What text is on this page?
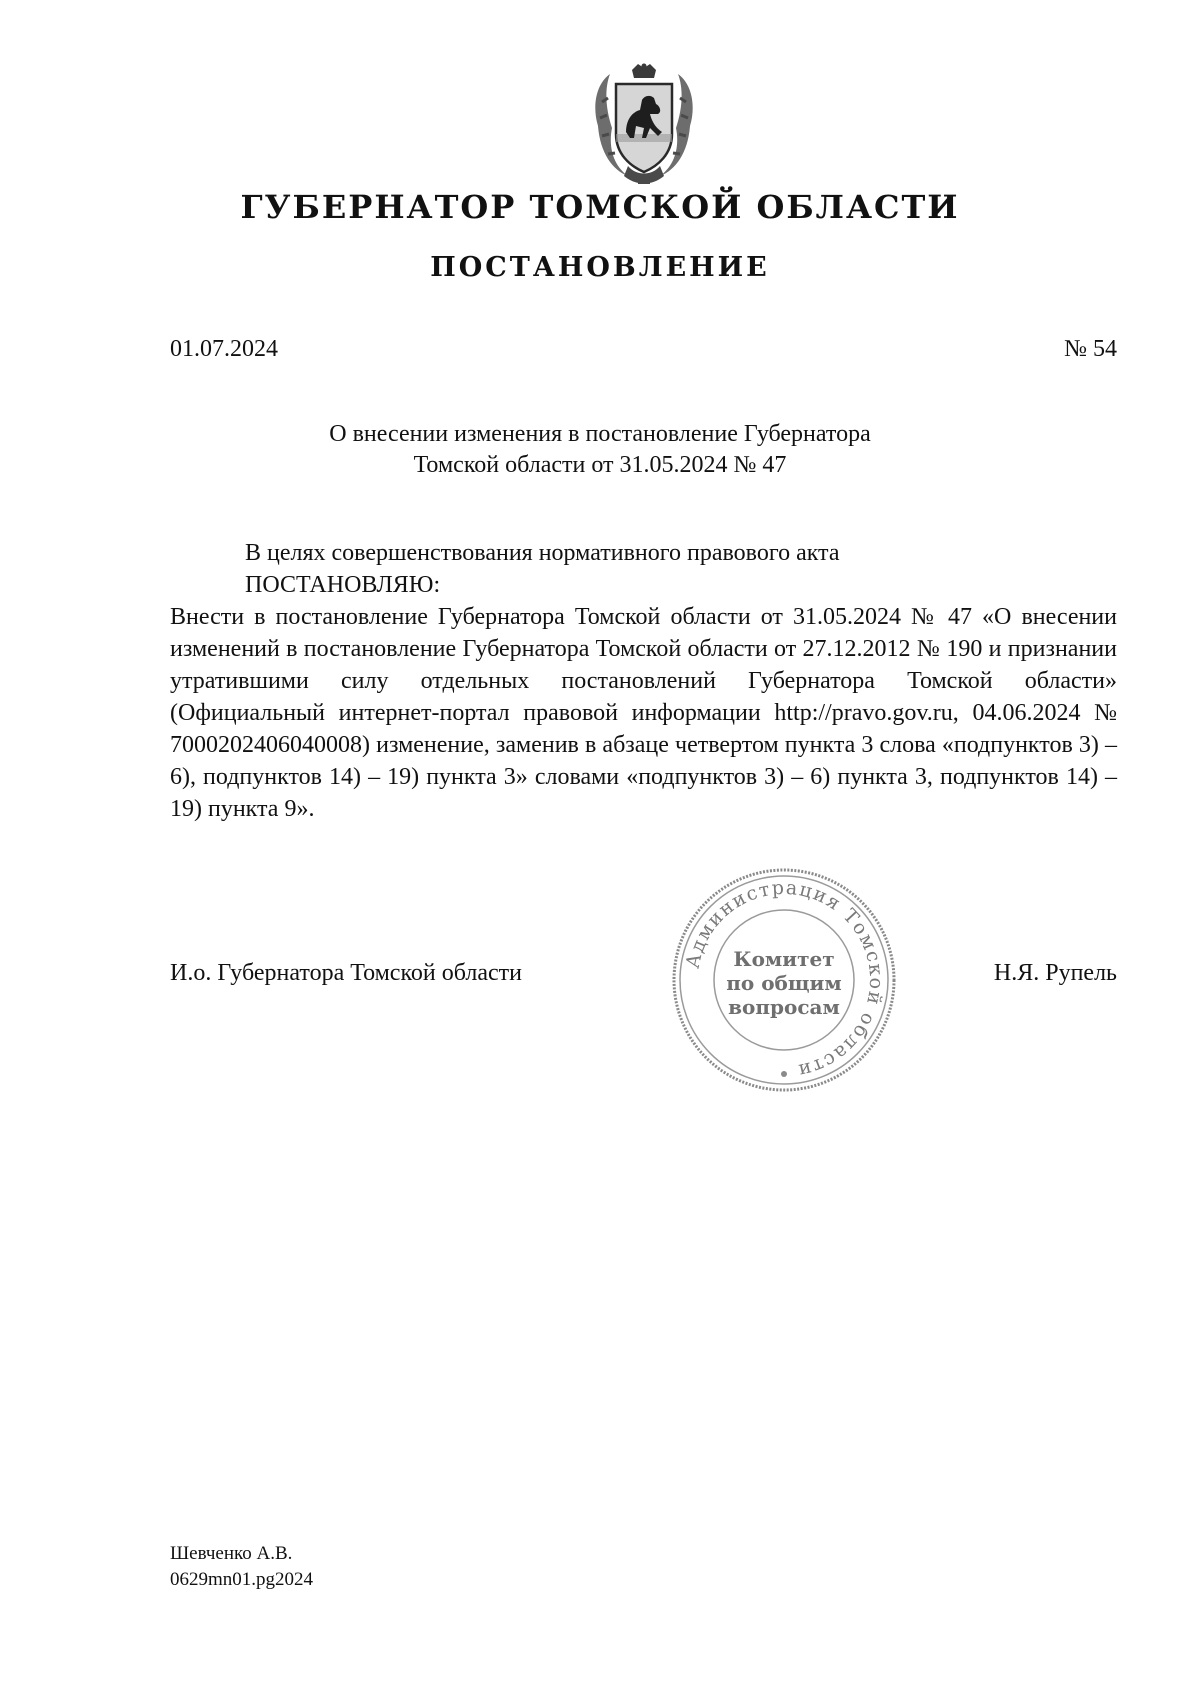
ГУБЕРНАТОР ТОМСКОЙ ОБЛАСТИ
ПОСТАНОВЛЕНИЕ
01.07.2024	№ 54
О внесении изменения в постановление Губернатора
Томской области от 31.05.2024 № 47
В целях совершенствования нормативного правового акта
ПОСТАНОВЛЯЮ:
Внести в постановление Губернатора Томской области от 31.05.2024 № 47 «О внесении изменений в постановление Губернатора Томской области от 27.12.2012 № 190 и признании утратившими силу отдельных постановлений Губернатора Томской области» (Официальный интернет-портал правовой информации http://pravo.gov.ru, 04.06.2024 № 7000202406040008) изменение, заменив в абзаце четвертом пункта 3 слова «подпунктов 3) – 6), подпунктов 14) – 19) пункта 3» словами «подпунктов 3) – 6) пункта 3, подпунктов 14) – 19) пункта 9».
И.о. Губернатора Томской области	Н.Я. Рупель
Администрация Томской области
Комитет
по общим
вопросам
Шевченко А.В.
0629mn01.pg2024
